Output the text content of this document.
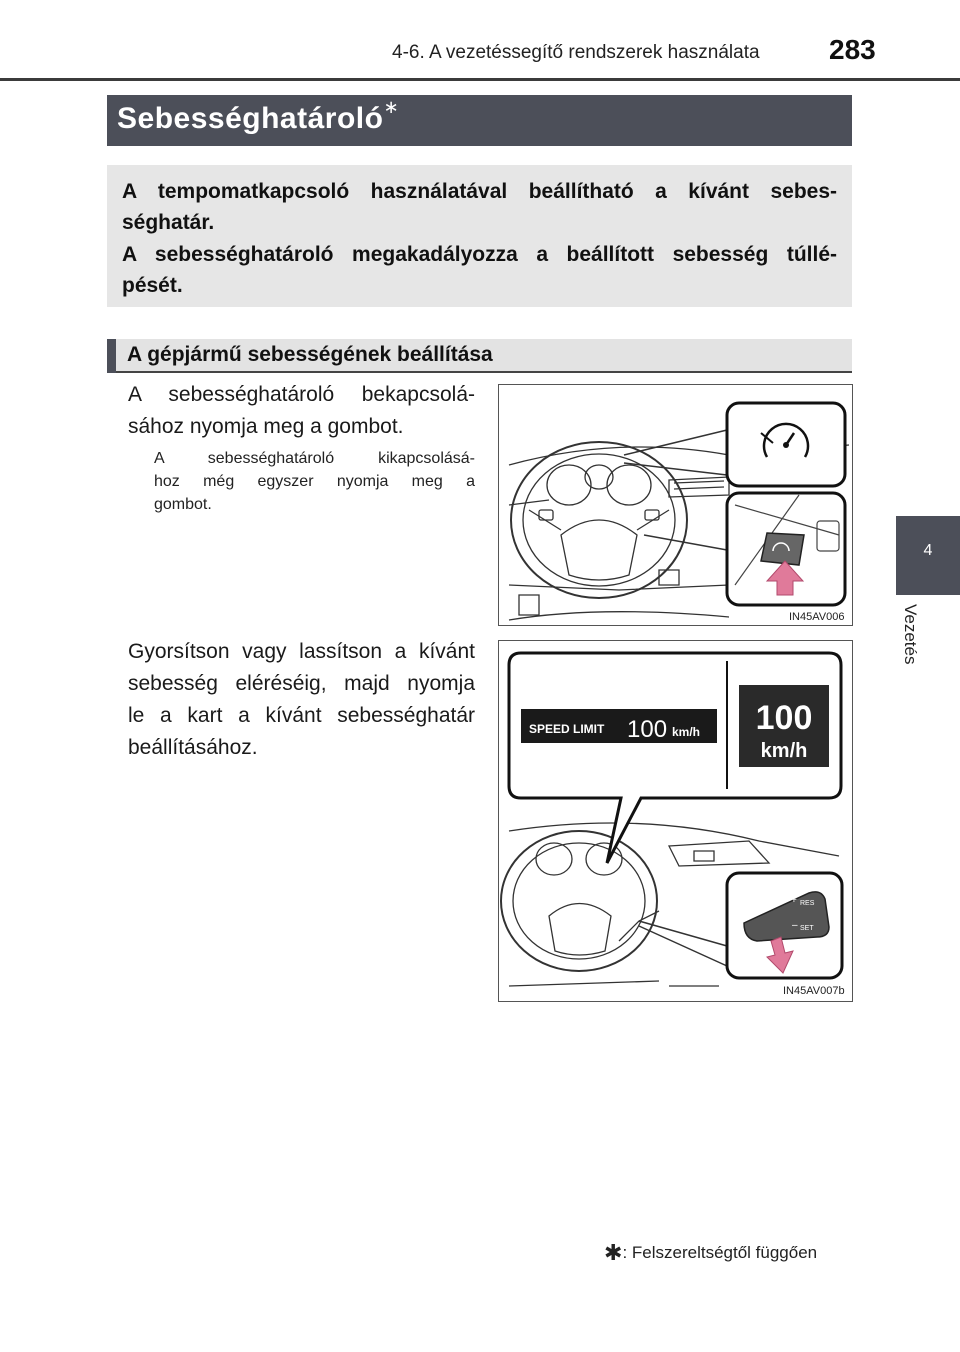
4-6. A vezetéssegítő rendszerek használata 283
Sebességhatároló∗
A tempomatkapcsoló használatával beállítható a kívánt sebes-
séghatár.
A sebességhatároló megakadályozza a beállított sebesség túllé-
pését.
A gépjármű sebességének beállítása
A sebességhatároló bekapcsolá-
sához nyomja meg a gombot.
A sebességhatároló kikapcsolásá-
hoz még egyszer nyomja meg a
gombot.
Gyorsítson vagy lassítson a kívánt
sebesség eléréséig, majd nyomja
le a kart a kívánt sebességhatár
beállításához.
IN45AV006
SPEED LIMIT 100 km/h 100
km/h
+ RES
– SET
IN45AV007b
4
Vezetés
✱: Felszereltségtől függően
